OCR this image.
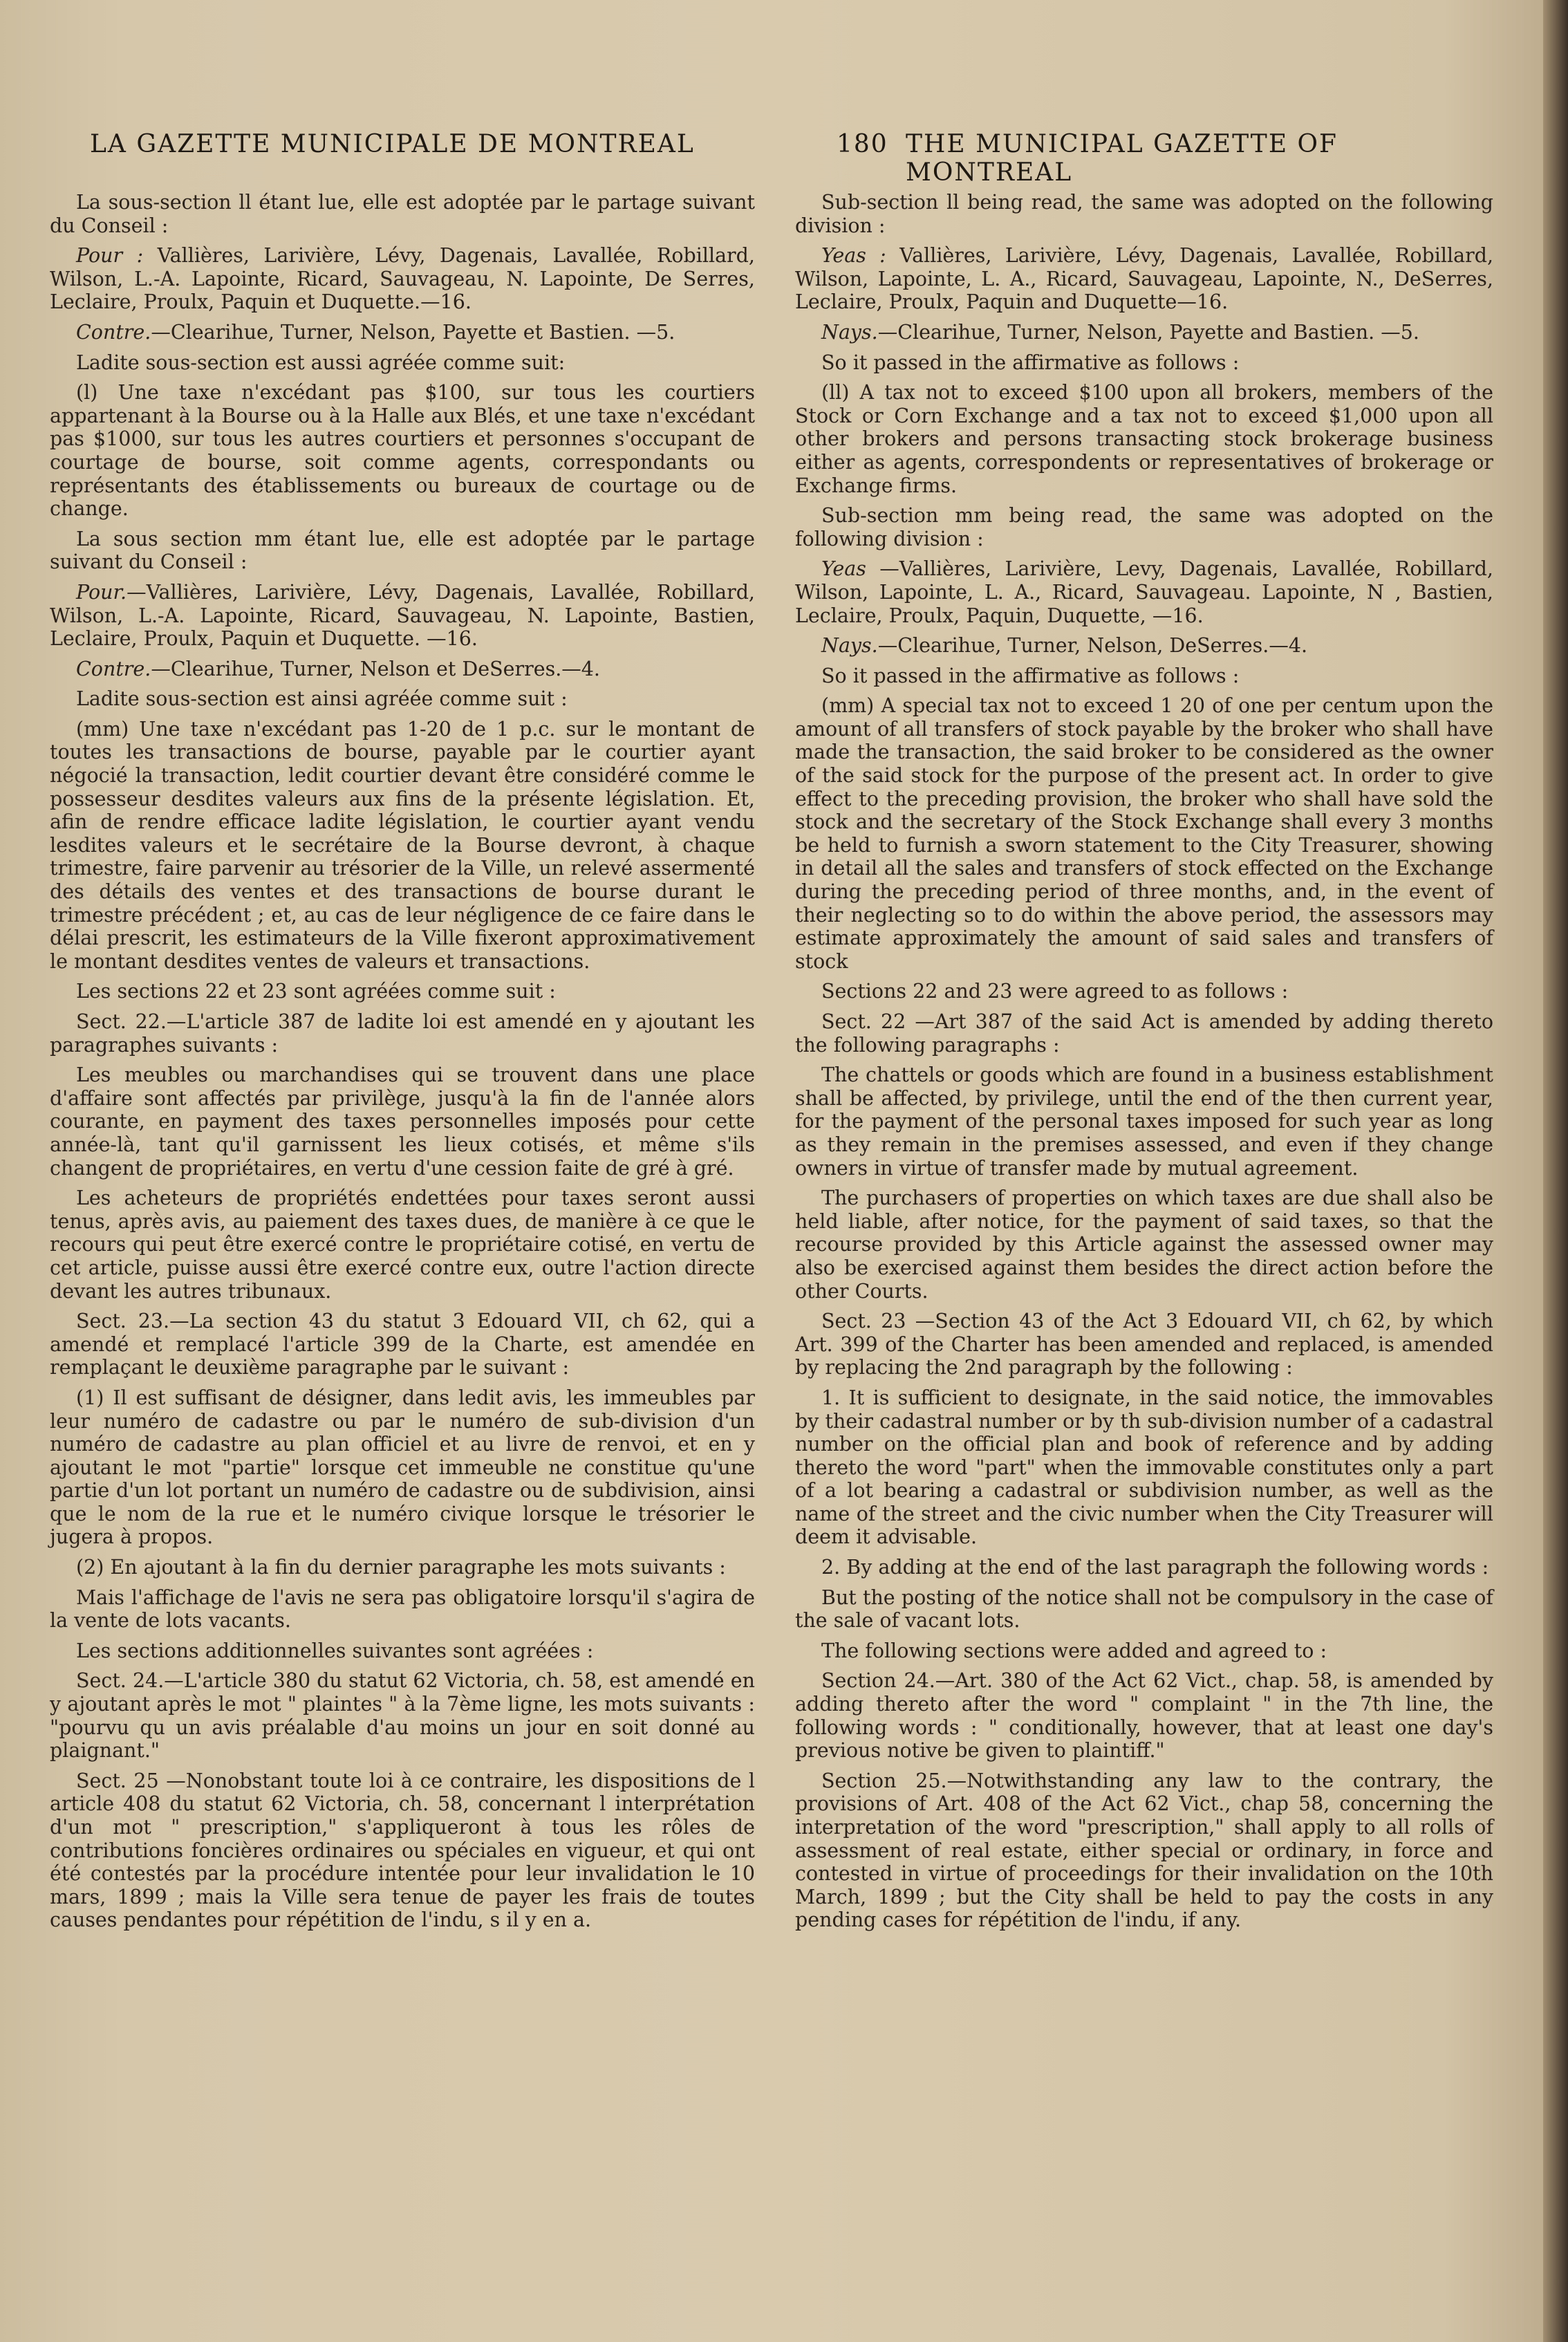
LA GAZETTE MUNICIPALE DE MONTREAL	180 THE MUNICIPAL GAZETTE OF MONTREAL

La sous-section ll étant lue, elle est adoptée par le partage suivant du Conseil :

Pour : Vallières, Larivière, Lévy, Dagenais, Lavallée, Robillard, Wilson, L.-A. Lapointe, Ricard, Sauvageau, N. Lapointe, De Serres, Leclaire, Proulx, Paquin et Duquette.—16.

Contre.—Clearihue, Turner, Nelson, Payette et Bastien. —5.

Ladite sous-section est aussi agréée comme suit:

(l) Une taxe n'excédant pas $100, sur tous les courtiers appartenant à la Bourse ou à la Halle aux Blés, et une taxe n'excédant pas $1000, sur tous les autres courtiers et personnes s'occupant de courtage de bourse, soit comme agents, correspondants ou représentants des établissements ou bureaux de courtage ou de change.

La sous section mm étant lue, elle est adoptée par le partage suivant du Conseil :

Pour.—Vallières, Larivière, Lévy, Dagenais, Lavallée, Robillard, Wilson, L.-A. Lapointe, Ricard, Sauvageau, N. Lapointe, Bastien, Leclaire, Proulx, Paquin et Duquette. —16.

Contre.—Clearihue, Turner, Nelson et DeSerres.—4.

Ladite sous-section est ainsi agréée comme suit :

(mm) Une taxe n'excédant pas 1-20 de 1 p.c. sur le montant de toutes les transactions de bourse, payable par le courtier ayant négocié la transaction, ledit courtier devant être considéré comme le possesseur desdites valeurs aux fins de la présente législation. Et, afin de rendre efficace ladite législation, le courtier ayant vendu lesdites valeurs et le secrétaire de la Bourse devront, à chaque trimestre, faire parvenir au trésorier de la Ville, un relevé assermenté des détails des ventes et des transactions de bourse durant le trimestre précédent ; et, au cas de leur négligence de ce faire dans le délai prescrit, les estimateurs de la Ville fixeront approximativement le montant desdites ventes de valeurs et transactions.

Les sections 22 et 23 sont agréées comme suit :

Sect. 22.—L'article 387 de ladite loi est amendé en y ajoutant les paragraphes suivants :

Les meubles ou marchandises qui se trouvent dans une place d'affaire sont affectés par privilège, jusqu'à la fin de l'année alors courante, en payment des taxes personnelles imposés pour cette année-là, tant qu'il garnissent les lieux cotisés, et même s'ils changent de propriétaires, en vertu d'une cession faite de gré à gré.

Les acheteurs de propriétés endettées pour taxes seront aussi tenus, après avis, au paiement des taxes dues, de manière à ce que le recours qui peut être exercé contre le propriétaire cotisé, en vertu de cet article, puisse aussi être exercé contre eux, outre l'action directe devant les autres tribunaux.

Sect. 23.—La section 43 du statut 3 Edouard VII, ch 62, qui a amendé et remplacé l'article 399 de la Charte, est amendée en remplaçant le deuxième paragraphe par le suivant :

(1) Il est suffisant de désigner, dans ledit avis, les immeubles par leur numéro de cadastre ou par le numéro de sub-division d'un numéro de cadastre au plan officiel et au livre de renvoi, et en y ajoutant le mot "partie" lorsque cet immeuble ne constitue qu'une partie d'un lot portant un numéro de cadastre ou de subdivision, ainsi que le nom de la rue et le numéro civique lorsque le trésorier le jugera à propos.

(2) En ajoutant à la fin du dernier paragraphe les mots suivants :

Mais l'affichage de l'avis ne sera pas obligatoire lorsqu'il s'agira de la vente de lots vacants.

Les sections additionnelles suivantes sont agréées :

Sect. 24.—L'article 380 du statut 62 Victoria, ch. 58, est amendé en y ajoutant après le mot " plaintes " à la 7ème ligne, les mots suivants : "pourvu qu un avis préalable d'au moins un jour en soit donné au plaignant."

Sect. 25 —Nonobstant toute loi à ce contraire, les dispositions de l article 408 du statut 62 Victoria, ch. 58, concernant l interprétation d'un mot " prescription," s'appliqueront à tous les rôles de contributions foncières ordinaires ou spéciales en vigueur, et qui ont été contestés par la procédure intentée pour leur invalidation le 10 mars, 1899 ; mais la Ville sera tenue de payer les frais de toutes causes pendantes pour répétition de l'indu, s il y en a.

Sub-section ll being read, the same was adopted on the following division :

Yeas : Vallières, Larivière, Lévy, Dagenais, Lavallée, Robillard, Wilson, Lapointe, L. A., Ricard, Sauvageau, Lapointe, N., DeSerres, Leclaire, Proulx, Paquin and Duquette—16.

Nays.—Clearihue, Turner, Nelson, Payette and Bastien. —5.

So it passed in the affirmative as follows :

(ll) A tax not to exceed $100 upon all brokers, members of the Stock or Corn Exchange and a tax not to exceed $1,000 upon all other brokers and persons transacting stock brokerage business either as agents, correspondents or representatives of brokerage or Exchange firms.

Sub-section mm being read, the same was adopted on the following division :

Yeas —Vallières, Larivière, Levy, Dagenais, Lavallée, Robillard, Wilson, Lapointe, L. A., Ricard, Sauvageau. Lapointe, N , Bastien, Leclaire, Proulx, Paquin, Duquette, —16.

Nays.—Clearihue, Turner, Nelson, DeSerres.—4.

So it passed in the affirmative as follows :

(mm) A special tax not to exceed 1 20 of one per centum upon the amount of all transfers of stock payable by the broker who shall have made the transaction, the said broker to be considered as the owner of the said stock for the purpose of the present act. In order to give effect to the preceding provision, the broker who shall have sold the stock and the secretary of the Stock Exchange shall every 3 months be held to furnish a sworn statement to the City Treasurer, showing in detail all the sales and transfers of stock effected on the Exchange during the preceding period of three months, and, in the event of their neglecting so to do within the above period, the assessors may estimate approximately the amount of said sales and transfers of stock

Sections 22 and 23 were agreed to as follows :

Sect. 22 —Art 387 of the said Act is amended by adding thereto the following paragraphs :

The chattels or goods which are found in a business establishment shall be affected, by privilege, until the end of the then current year, for the payment of the personal taxes imposed for such year as long as they remain in the premises assessed, and even if they change owners in virtue of transfer made by mutual agreement.

The purchasers of properties on which taxes are due shall also be held liable, after notice, for the payment of said taxes, so that the recourse provided by this Article against the assessed owner may also be exercised against them besides the direct action before the other Courts.

Sect. 23 —Section 43 of the Act 3 Edouard VII, ch 62, by which Art. 399 of the Charter has been amended and replaced, is amended by replacing the 2nd paragraph by the following :

1. It is sufficient to designate, in the said notice, the immovables by their cadastral number or by th sub-division number of a cadastral number on the official plan and book of reference and by adding thereto the word "part" when the immovable constitutes only a part of a lot bearing a cadastral or subdivision number, as well as the name of the street and the civic number when the City Treasurer will deem it advisable.

2. By adding at the end of the last paragraph the following words :

But the posting of the notice shall not be compulsory in the case of the sale of vacant lots.

The following sections were added and agreed to :

Section 24.—Art. 380 of the Act 62 Vict., chap. 58, is amended by adding thereto after the word " complaint " in the 7th line, the following words : " conditionally, however, that at least one day's previous notive be given to plaintiff."

Section 25.—Notwithstanding any law to the contrary, the provisions of Art. 408 of the Act 62 Vict., chap 58, concerning the interpretation of the word "prescription," shall apply to all rolls of assessment of real estate, either special or ordinary, in force and contested in virtue of proceedings for their invalidation on the 10th March, 1899 ; but the City shall be held to pay the costs in any pending cases for répétition de l'indu, if any.
